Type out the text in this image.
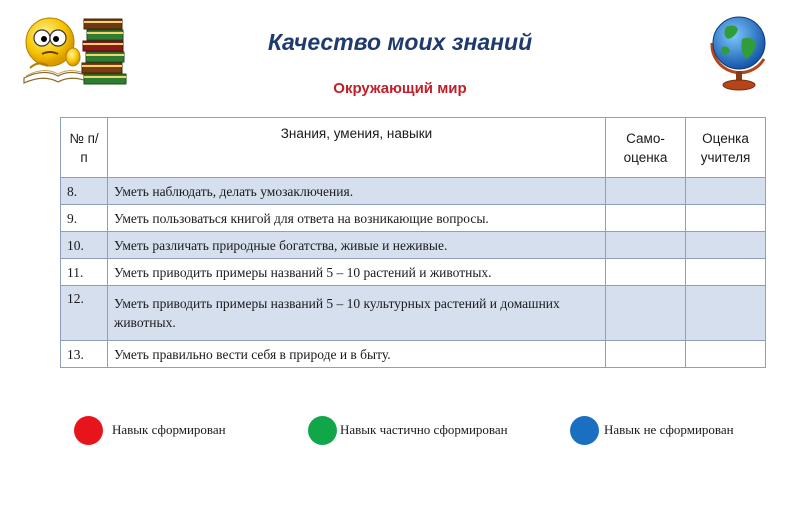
Качество моих знаний
Окружающий мир
№ п/п	Знания, умения, навыки	Само-оценка	Оценка учителя
8.	Уметь наблюдать, делать умозаключения.		
9.	Уметь пользоваться книгой для ответа на возникающие вопросы.		
10.	Уметь различать природные богатства, живые и неживые.		
11.	Уметь приводить примеры названий 5 – 10 растений и животных.		
12.	Уметь приводить примеры названий 5 – 10 культурных растений и домашних животных.		
13.	Уметь правильно вести себя в природе и в быту.		
Навык сформирован	Навык частично сформирован	Навык не сформирован
